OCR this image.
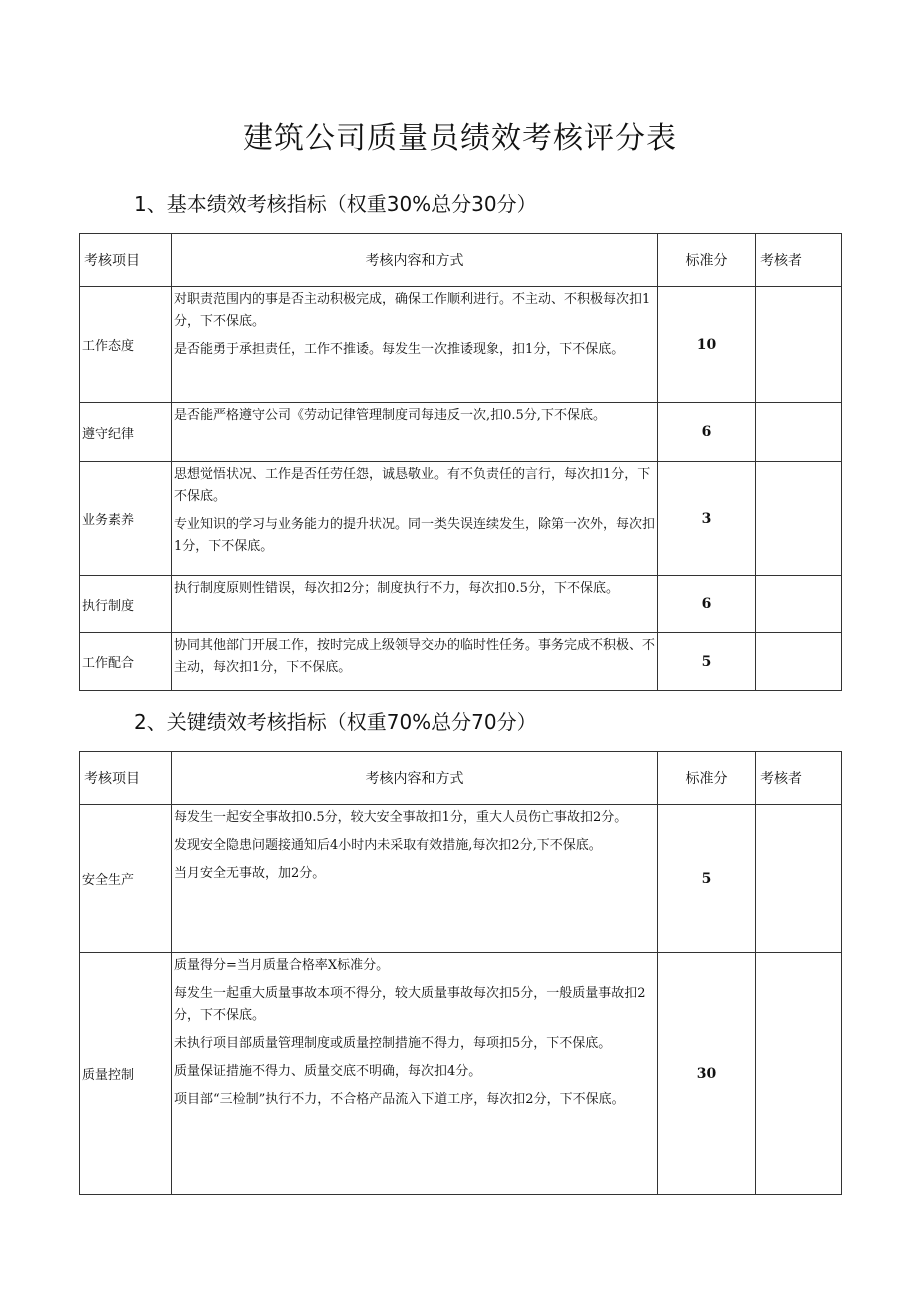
建筑公司质量员绩效考核评分表
1、基本绩效考核指标（权重30%总分30分）
考核项目	考核内容和方式	标准分	考核者
工作态度	对职责范围内的事是否主动积极完成，确保工作顺利进行。不主动、不积极每次扣1分，下不保底。

是否能勇于承担责任，工作不推诿。每发生一次推诿现象，扣1分，下不保底。	10	
遵守纪律	是否能严格遵守公司《劳动记律管理制度司每违反一次,扣0.5分,下不保底。	6	
业务素养	思想觉悟状况、工作是否任劳任怨，诚恳敬业。有不负责任的言行，每次扣1分，下不保底。

专业知识的学习与业务能力的提升状况。同一类失误连续发生，除第一次外，每次扣1分，下不保底。	3	
执行制度	执行制度原则性错误，每次扣2分；制度执行不力，每次扣0.5分，下不保底。	6	
工作配合	协同其他部门开展工作，按时完成上级领导交办的临时性任务。事务完成不积极、不主动，每次扣1分，下不保底。	5	
2、关键绩效考核指标（权重70%总分70分）
考核项目	考核内容和方式	标准分	考核者
安全生产	每发生一起安全事故扣0.5分，较大安全事故扣1分，重大人员伤亡事故扣2分。

发现安全隐患问题接通知后4小时内未采取有效措施,每次扣2分,下不保底。

当月安全无事故，加2分。	5	
质量控制	质量得分=当月质量合格率X标准分。

每发生一起重大质量事故本项不得分，较大质量事故每次扣5分，一般质量事故扣2分，下不保底。

未执行项目部质量管理制度或质量控制措施不得力，每项扣5分，下不保底。

质量保证措施不得力、质量交底不明确，每次扣4分。

项目部“三检制”执行不力，不合格产品流入下道工序，每次扣2分，下不保底。	30	
